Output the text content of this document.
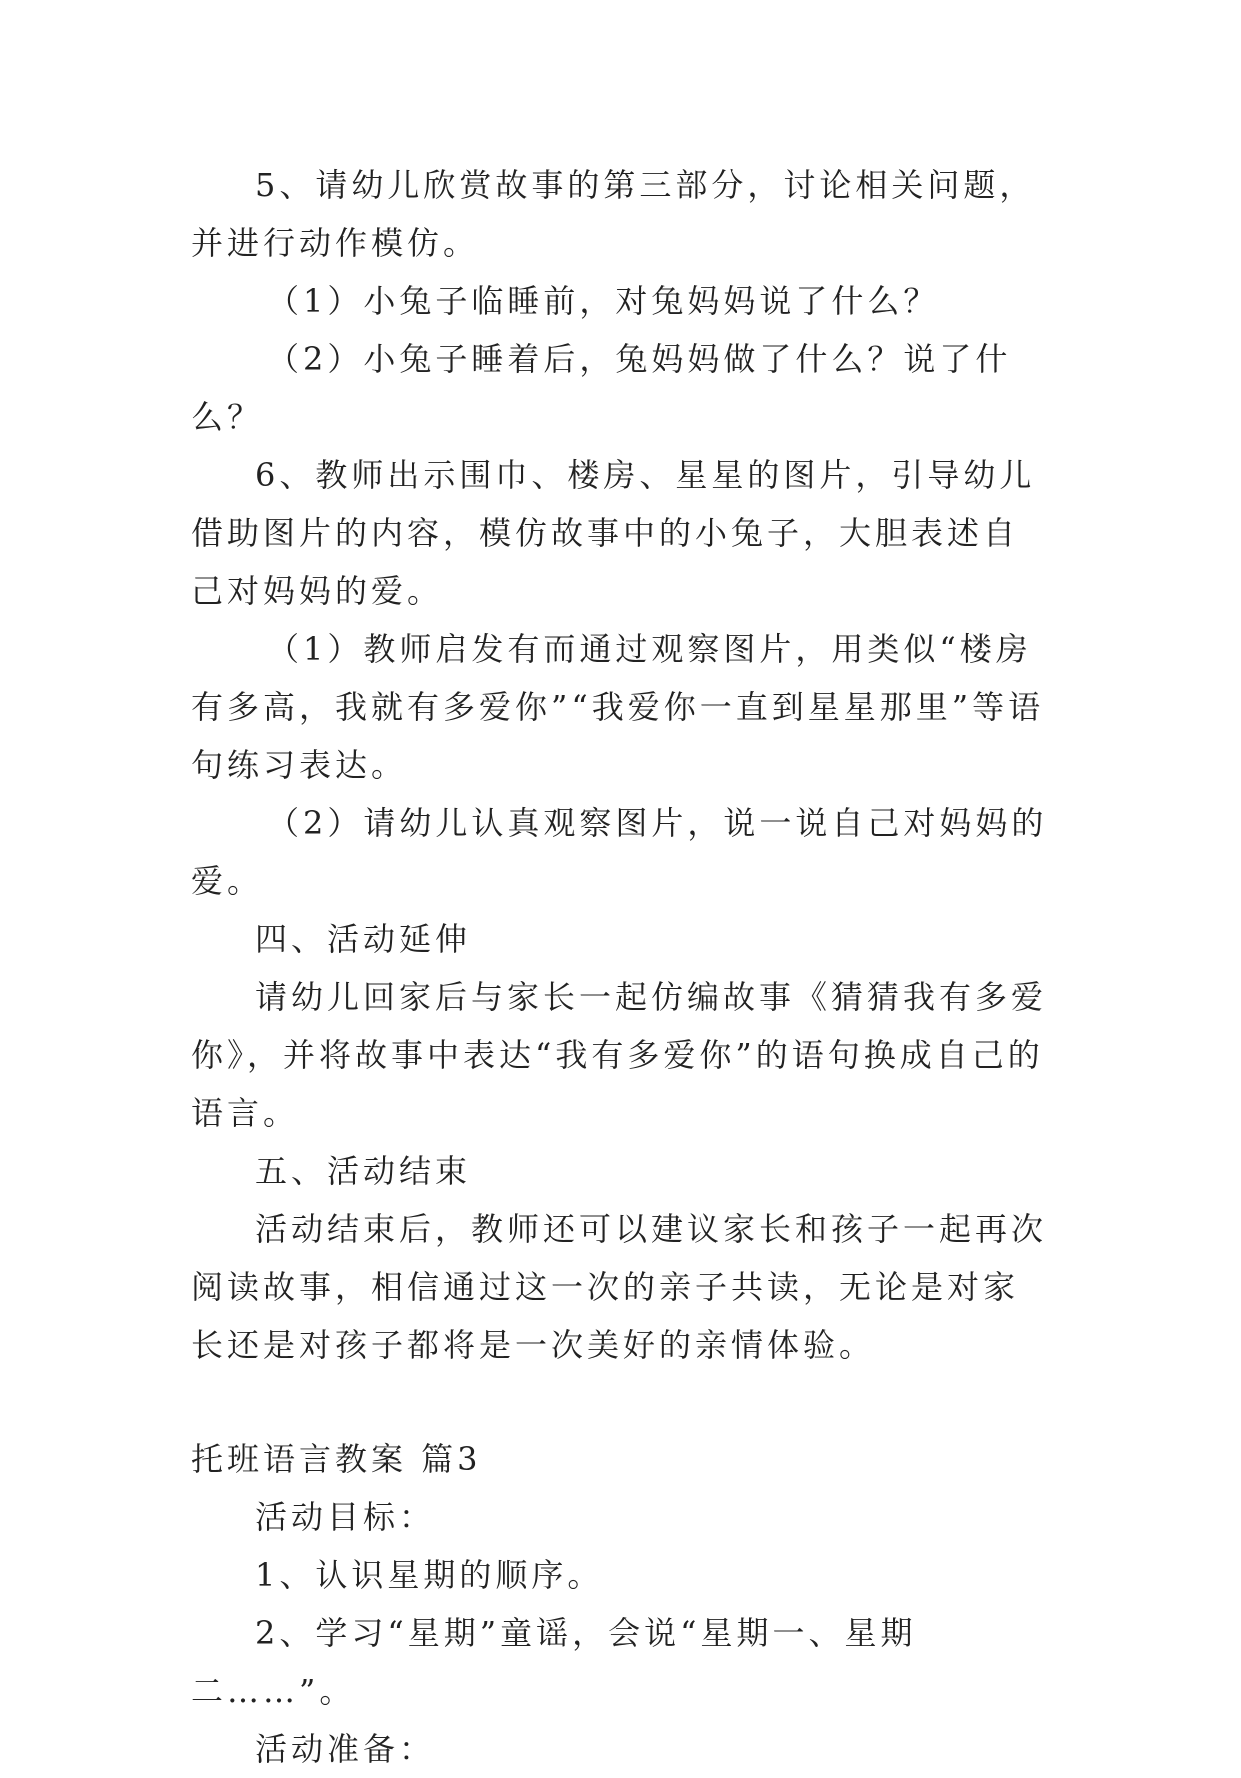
5、请幼儿欣赏故事的第三部分，讨论相关问题，并进行动作模仿。

（1）小兔子临睡前，对兔妈妈说了什么？

（2）小兔子睡着后，兔妈妈做了什么？说了什么？

6、教师出示围巾、楼房、星星的图片，引导幼儿借助图片的内容，模仿故事中的小兔子，大胆表述自己对妈妈的爱。

（1）教师启发有而通过观察图片，用类似“楼房有多高，我就有多爱你”“我爱你一直到星星那里”等语句练习表达。

（2）请幼儿认真观察图片，说一说自己对妈妈的爱。

四、活动延伸

请幼儿回家后与家长一起仿编故事《猜猜我有多爱你》，并将故事中表达“我有多爱你”的语句换成自己的语言。

五、活动结束

活动结束后，教师还可以建议家长和孩子一起再次阅读故事，相信通过这一次的亲子共读，无论是对家长还是对孩子都将是一次美好的亲情体验。

托班语言教案 篇3

活动目标：

1、认识星期的顺序。

2、学习“星期”童谣，会说“星期一、星期二……”。

活动准备：
